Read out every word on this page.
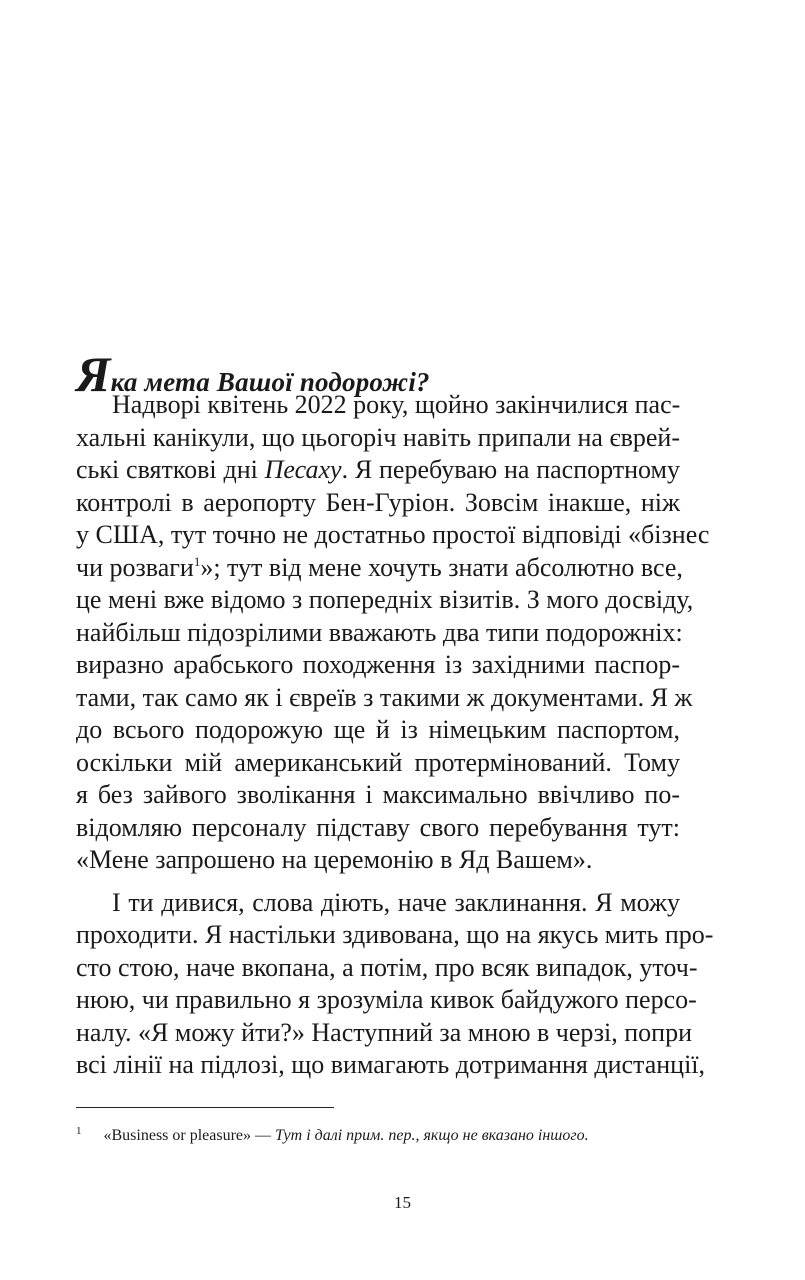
Яка мета Вашої подорожі?
Надворі квітень 2022 року, щойно закінчилися пас-
хальні канікули, що цьогоріч навіть припали на єврей-
ські святкові дні Песаху. Я перебуваю на паспортному
контролі в аеропорту Бен-Гуріон. Зовсім інакше, ніж
у США, тут точно не достатньо простої відповіді «бізнес
чи розваги$^1$»; тут від мене хочуть знати абсолютно все,
це мені вже відомо з попередніх візитів. З мого досвіду,
найбільш підозрілими вважають два типи подорожніх:
виразно арабського походження із західними паспор-
тами, так само як і євреїв з такими ж документами. Я ж
до всього подорожую ще й із німецьким паспортом,
оскільки мій американський протермінований. Тому
я без зайвого зволікання і максимально ввічливо по-
відомляю персоналу підставу свого перебування тут:
«Мене запрошено на церемонію в Яд Вашем».
І ти дивися, слова діють, наче заклинання. Я можу
проходити. Я настільки здивована, що на якусь мить про-
сто стою, наче вкопана, а потім, про всяк випадок, уточ-
нюю, чи правильно я зрозуміла кивок байдужого персо-
налу. «Я можу йти?» Наступний за мною в черзі, попри
всі лінії на підлозі, що вимагають дотримання дистанції,
$^1$ «Business or pleasure» — Тут і далі прим. пер., якщо не вказано іншого.
15
